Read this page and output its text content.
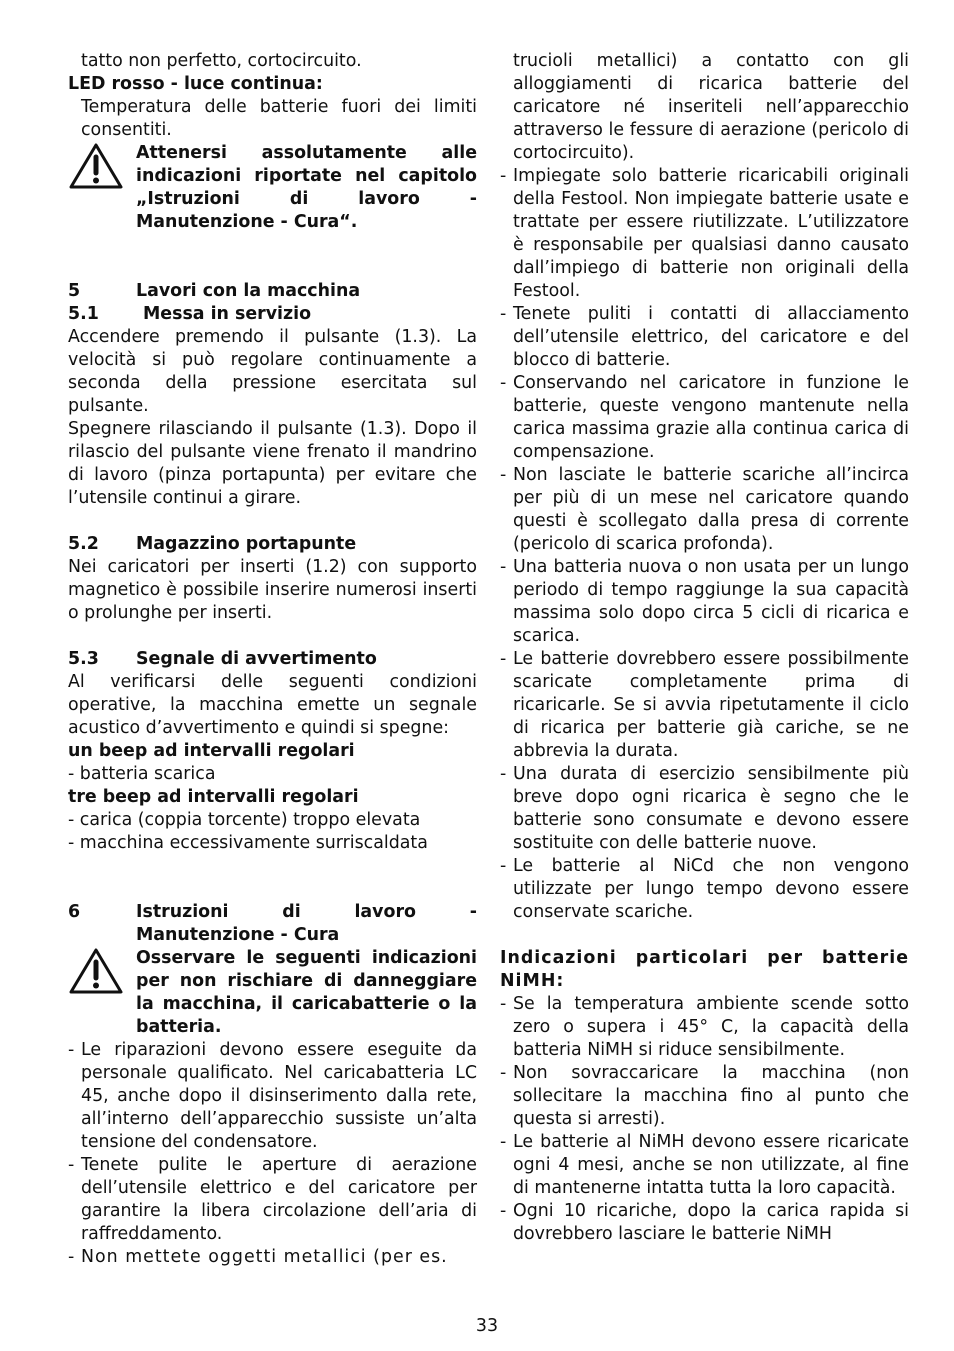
tatto non perfetto, cortocircuito.

LED rosso - luce continua:

Temperatura delle batterie fuori dei limiti consentiti.

Attenersi assolutamente alle indicazioni riportate nel capitolo „Istruzioni di lavoro - Manutenzione - Cura“.
5	Lavori con la macchina
5.1	Messa in servizio

Accendere premendo il pulsante (1.3). La velocità si può regolare continuamente a seconda della pressione esercitata sul pulsante.

Spegnere rilasciando il pulsante (1.3). Dopo il rilascio del pulsante viene frenato il mandrino di lavoro (pinza portapunta) per evitare che l’utensile continui a girare.

5.2	Magazzino portapunte

Nei caricatori per inserti (1.2) con supporto magnetico è possibile inserire numerosi inserti o prolunghe per inserti.

5.3	Segnale di avvertimento

Al verificarsi delle seguenti condizioni operative, la macchina emette un segnale acustico d’avvertimento e quindi si spegne:

un beep ad intervalli regolari

- batteria scarica

tre beep ad intervalli regolari

- carica (coppia torcente) troppo elevata

- macchina eccessivamente surriscaldata

6	Istruzioni di lavoro - Manutenzione - Cura
Osservare le seguenti indicazioni per non rischiare di danneggiare la macchina, il caricabatterie o la batteria.
- Le riparazioni devono essere eseguite da personale qualificato. Nel caricabatteria LC 45, anche dopo il disinserimento dalla rete, all’interno dell’apparecchio sussiste un’alta tensione del condensatore.
- Tenete pulite le aperture di aerazione dell’utensile elettrico e del caricatore per garantire la libera circolazione dell’aria di raffreddamento.
- Non mettete oggetti metallici (per es.

trucioli metallici) a contatto con gli alloggiamenti di ricarica batterie del caricatore né inseriteli nell’apparecchio attraverso le fessure di aerazione (pericolo di cortocircuito).

- Impiegate solo batterie ricaricabili originali della Festool. Non impiegate batterie usate e trattate per essere riutilizzate. L’utilizzatore è responsabile per qualsiasi danno causato dall’impiego di batterie non originali della Festool.
- Tenete puliti i contatti di allacciamento dell’utensile elettrico, del caricatore e del blocco di batterie.
- Conservando nel caricatore in funzione le batterie, queste vengono mantenute nella carica massima grazie alla continua carica di compensazione.
- Non lasciate le batterie scariche all’incirca per più di un mese nel caricatore quando questi è scollegato dalla presa di corrente (pericolo di scarica profonda).
- Una batteria nuova o non usata per un lungo periodo di tempo raggiunge la sua capacità massima solo dopo circa 5 cicli di ricarica e scarica.
- Le batterie dovrebbero essere possibilmente scaricate completamente prima di ricaricarle. Se si avvia ripetutamente il ciclo di ricarica per batterie già cariche, se ne abbrevia la durata.
- Una durata di esercizio sensibilmente più breve dopo ogni ricarica è segno che le batterie sono consumate e devono essere sostituite con delle batterie nuove.
- Le batterie al NiCd che non vengono utilizzate per lungo tempo devono essere conservate scariche.

Indicazioni particolari per batterie NiMH:

- Se la temperatura ambiente scende sotto zero o supera i 45° C, la capacità della batteria NiMH si riduce sensibilmente.
- Non sovraccaricare la macchina (non sollecitare la macchina fino al punto che questa si arresti).
- Le batterie al NiMH devono essere ricaricate ogni 4 mesi, anche se non utilizzate, al fine di mantenerne intatta tutta la loro capacità.
- Ogni 10 ricariche, dopo la carica rapida si dovrebbero lasciare le batterie NiMH
33
